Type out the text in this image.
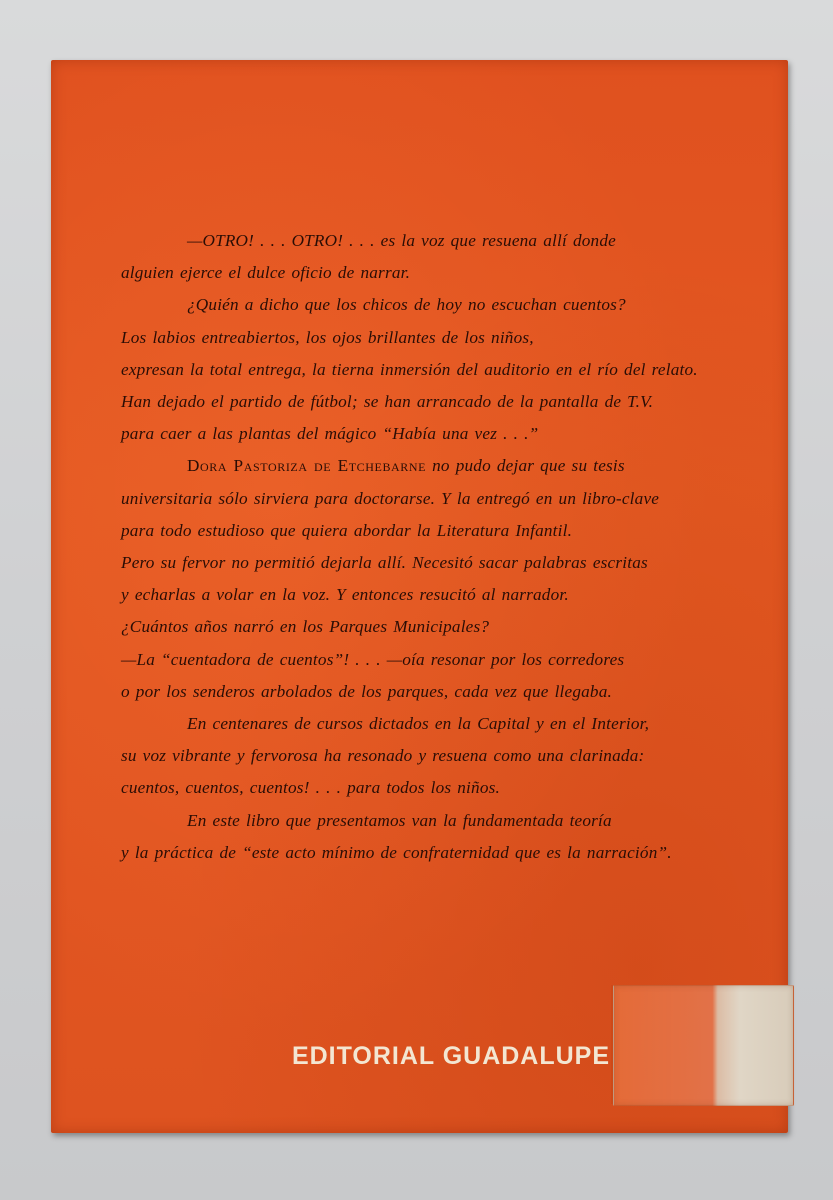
—OTRO! . . . OTRO! . . . es la voz que resuena allí donde
alguien ejerce el dulce oficio de narrar.
¿Quién a dicho que los chicos de hoy no escuchan cuentos?
Los labios entreabiertos, los ojos brillantes de los niños,
expresan la total entrega, la tierna inmersión del auditorio en el río del relato.
Han dejado el partido de fútbol; se han arrancado de la pantalla de T.V.
para caer a las plantas del mágico “Había una vez . . .”
Dora Pastoriza de Etchebarne no pudo dejar que su tesis
universitaria sólo sirviera para doctorarse. Y la entregó en un libro-clave
para todo estudioso que quiera abordar la Literatura Infantil.
Pero su fervor no permitió dejarla allí. Necesitó sacar palabras escritas
y echarlas a volar en la voz. Y entonces resucitó al narrador.
¿Cuántos años narró en los Parques Municipales?
—La “cuentadora de cuentos”! . . . —oía resonar por los corredores
o por los senderos arbolados de los parques, cada vez que llegaba.
En centenares de cursos dictados en la Capital y en el Interior,
su voz vibrante y fervorosa ha resonado y resuena como una clarinada:
cuentos, cuentos, cuentos! . . . para todos los niños.
En este libro que presentamos van la fundamentada teoría
y la práctica de “este acto mínimo de confraternidad que es la narración”.
EDITORIAL GUADALUPE
